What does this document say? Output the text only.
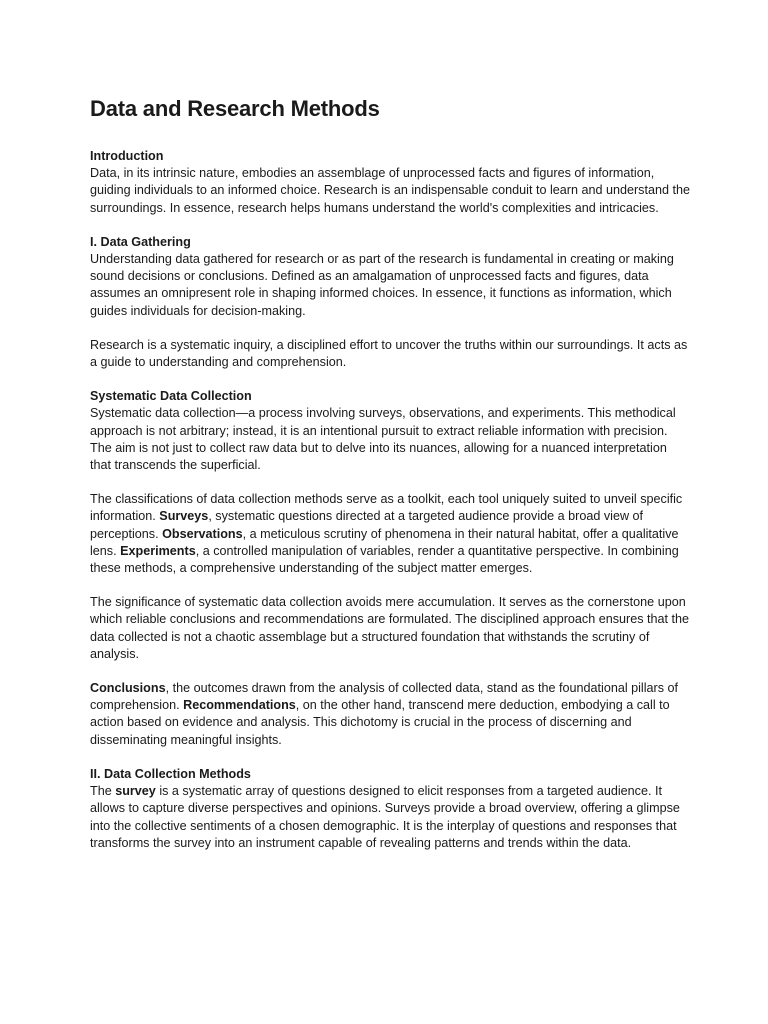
Data and Research Methods
Introduction

Data, in its intrinsic nature, embodies an assemblage of unprocessed facts and figures of information, guiding individuals to an informed choice. Research is an indispensable conduit to learn and understand the surroundings. In essence, research helps humans understand the world's complexities and intricacies.

I. Data Gathering

Understanding data gathered for research or as part of the research is fundamental in creating or making sound decisions or conclusions. Defined as an amalgamation of unprocessed facts and figures, data assumes an omnipresent role in shaping informed choices. In essence, it functions as information, which guides individuals for decision-making.

Research is a systematic inquiry, a disciplined effort to uncover the truths within our surroundings. It acts as a guide to understanding and comprehension.

Systematic Data Collection

Systematic data collection—a process involving surveys, observations, and experiments. This methodical approach is not arbitrary; instead, it is an intentional pursuit to extract reliable information with precision. The aim is not just to collect raw data but to delve into its nuances, allowing for a nuanced interpretation that transcends the superficial.

The classifications of data collection methods serve as a toolkit, each tool uniquely suited to unveil specific information. Surveys, systematic questions directed at a targeted audience provide a broad view of perceptions. Observations, a meticulous scrutiny of phenomena in their natural habitat, offer a qualitative lens. Experiments, a controlled manipulation of variables, render a quantitative perspective. In combining these methods, a comprehensive understanding of the subject matter emerges.

The significance of systematic data collection avoids mere accumulation. It serves as the cornerstone upon which reliable conclusions and recommendations are formulated. The disciplined approach ensures that the data collected is not a chaotic assemblage but a structured foundation that withstands the scrutiny of analysis.

Conclusions, the outcomes drawn from the analysis of collected data, stand as the foundational pillars of comprehension. Recommendations, on the other hand, transcend mere deduction, embodying a call to action based on evidence and analysis. This dichotomy is crucial in the process of discerning and disseminating meaningful insights.

II. Data Collection Methods

The survey is a systematic array of questions designed to elicit responses from a targeted audience. It allows to capture diverse perspectives and opinions. Surveys provide a broad overview, offering a glimpse into the collective sentiments of a chosen demographic. It is the interplay of questions and responses that transforms the survey into an instrument capable of revealing patterns and trends within the data.
